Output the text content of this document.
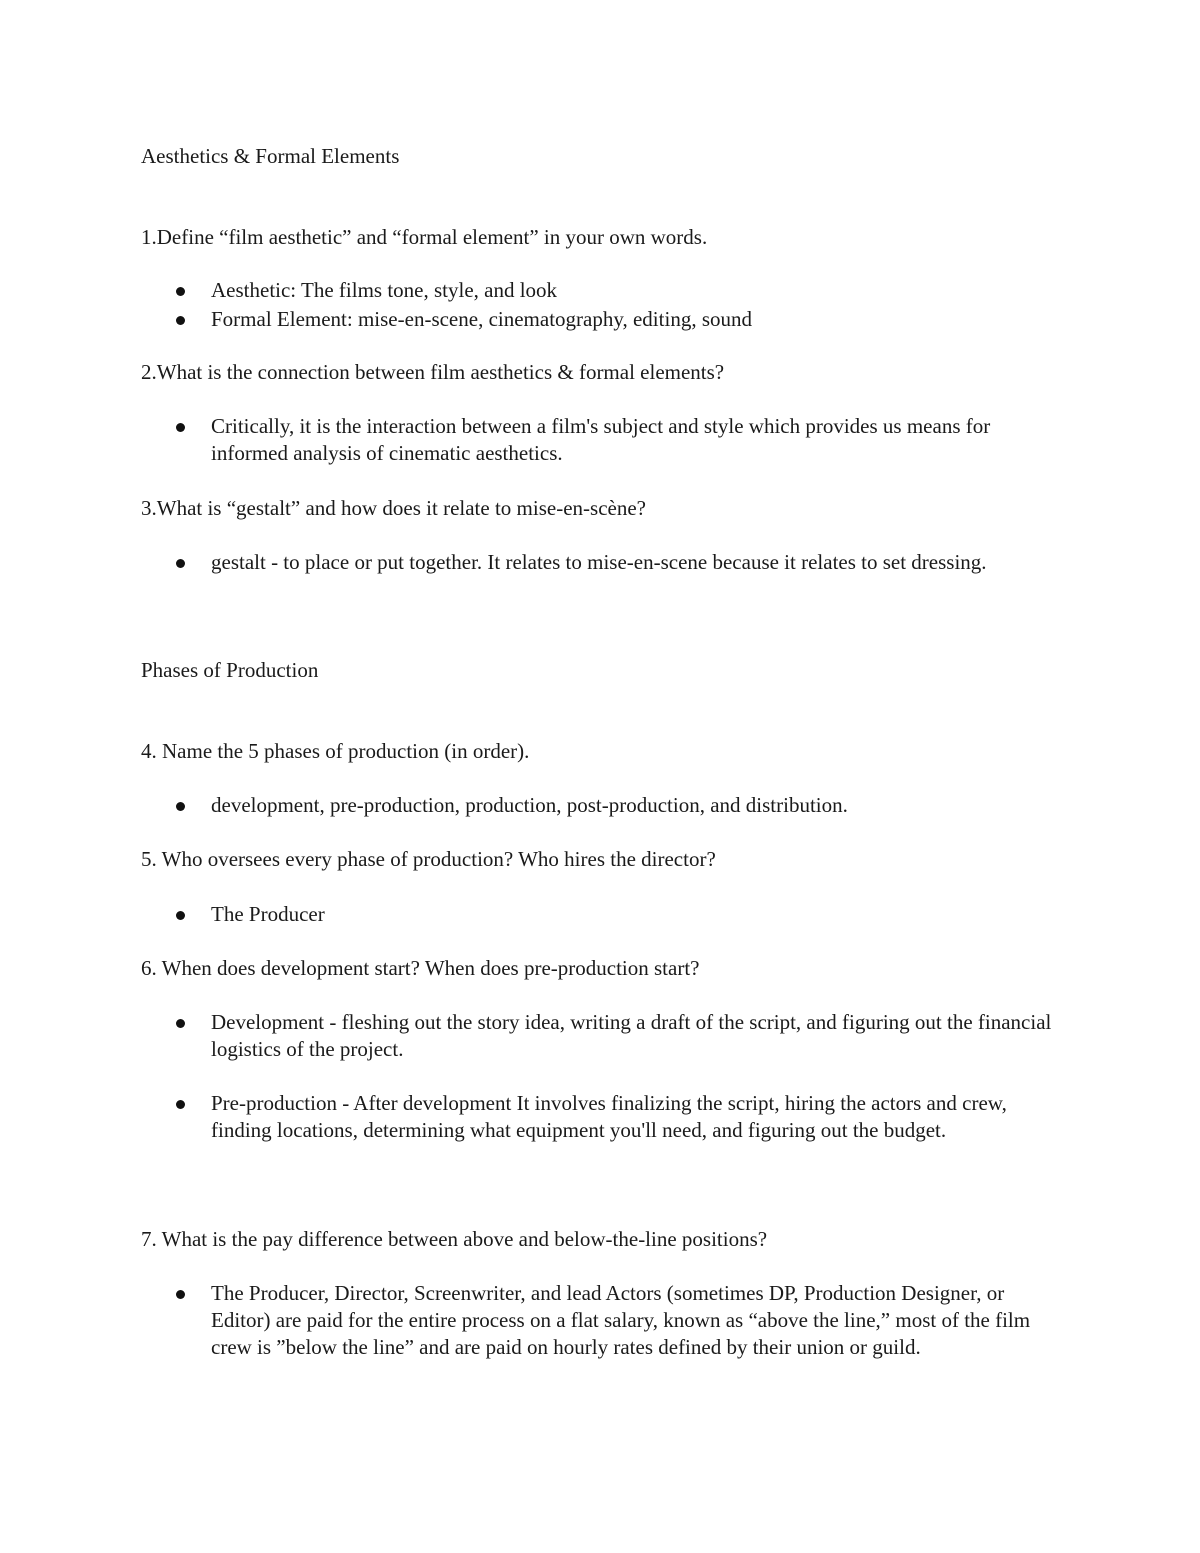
Aesthetics & Formal Elements
1.Define “film aesthetic” and “formal element” in your own words.
Aesthetic: The films tone, style, and look
Formal Element: mise-en-scene, cinematography, editing, sound
2.What is the connection between film aesthetics & formal elements?
Critically, it is the interaction between a film's subject and style which provides us means for informed analysis of cinematic aesthetics.
3.What is “gestalt” and how does it relate to mise-en-scène?
gestalt - to place or put together. It relates to mise-en-scene because it relates to set dressing.
Phases of Production
4. Name the 5 phases of production (in order).
development, pre-production, production, post-production, and distribution.
5. Who oversees every phase of production? Who hires the director?
The Producer
6. When does development start? When does pre-production start?
Development - fleshing out the story idea, writing a draft of the script, and figuring out the financial logistics of the project.
Pre-production - After development It involves finalizing the script, hiring the actors and crew, finding locations, determining what equipment you'll need, and figuring out the budget.
7. What is the pay difference between above and below-the-line positions?
The Producer, Director, Screenwriter, and lead Actors (sometimes DP, Production Designer, or Editor) are paid for the entire process on a flat salary, known as “above the line,” most of the film crew is ”below the line” and are paid on hourly rates defined by their union or guild.
